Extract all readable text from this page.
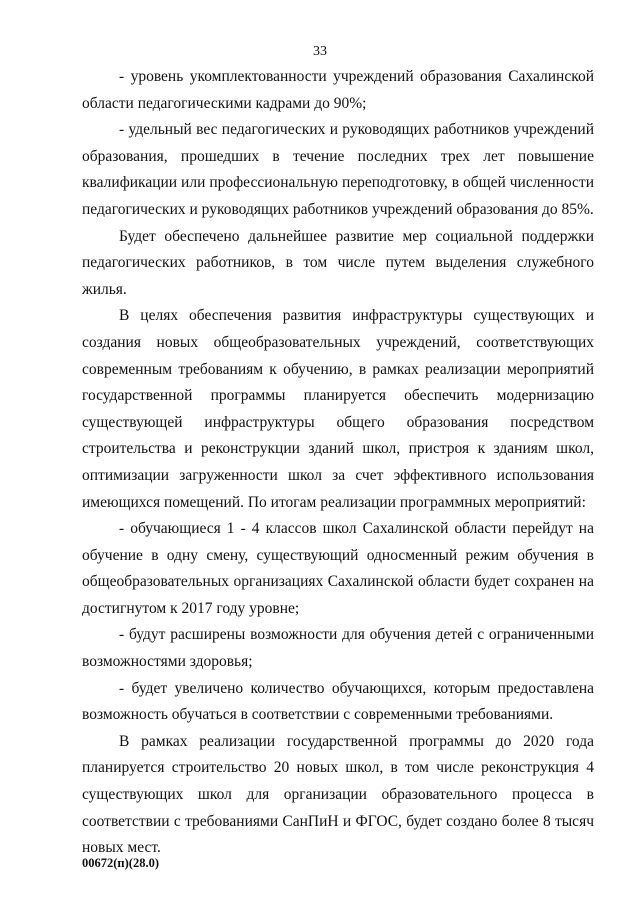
33

- уровень укомплектованности учреждений образования Сахалинской области педагогическими кадрами до 90%;

- удельный вес педагогических и руководящих работников учреждений образования, прошедших в течение последних трех лет повышение квалификации или профессиональную переподготовку, в общей численности педагогических и руководящих работников учреждений образования до 85%.

Будет обеспечено дальнейшее развитие мер социальной поддержки педагогических работников, в том числе путем выделения служебного жилья.

В целях обеспечения развития инфраструктуры существующих и создания новых общеобразовательных учреждений, соответствующих современным требованиям к обучению, в рамках реализации мероприятий государственной программы планируется обеспечить модернизацию существующей инфраструктуры общего образования посредством строительства и реконструкции зданий школ, пристроя к зданиям школ, оптимизации загруженности школ за счет эффективного использования имеющихся помещений. По итогам реализации программных мероприятий:

- обучающиеся 1 - 4 классов школ Сахалинской области перейдут на обучение в одну смену, существующий односменный режим обучения в общеобразовательных организациях Сахалинской области будет сохранен на достигнутом к 2017 году уровне;

- будут расширены возможности для обучения детей с ограниченными возможностями здоровья;

- будет увеличено количество обучающихся, которым предоставлена возможность обучаться в соответствии с современными требованиями.

В рамках реализации государственной программы до 2020 года планируется строительство 20 новых школ, в том числе реконструкция 4 существующих школ для организации образовательного процесса в соответствии с требованиями СанПиН и ФГОС, будет создано более 8 тысяч новых мест.

00672(п)(28.0)
